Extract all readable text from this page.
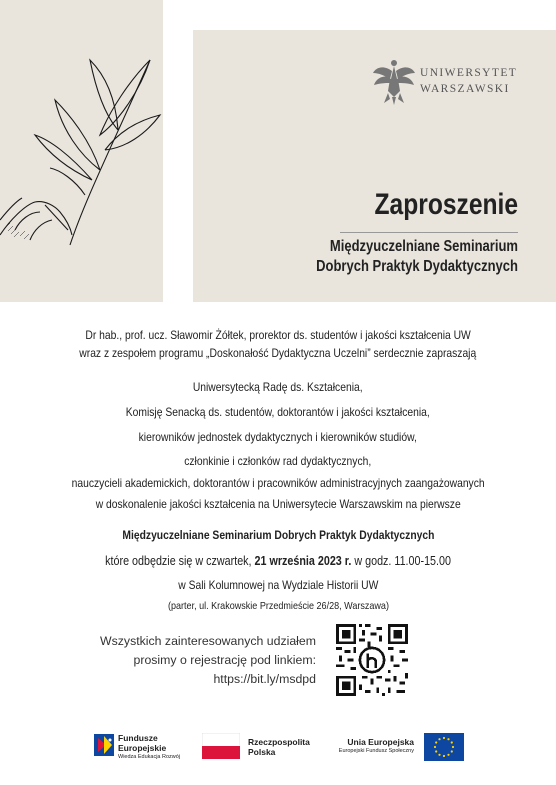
UNIWERSYTET
WARSZAWSKI
Zaproszenie
Międzyuczelniane Seminarium
Dobrych Praktyk Dydaktycznych
Dr hab., prof. ucz. Sławomir Żółtek, prorektor ds. studentów i jakości kształcenia UW
wraz z zespołem programu „Doskonałość Dydaktyczna Uczelni” serdecznie zapraszają
Uniwersytecką Radę ds. Kształcenia,
Komisję Senacką ds. studentów, doktorantów i jakości kształcenia,
kierowników jednostek dydaktycznych i kierowników studiów,
członkinie i członków rad dydaktycznych,
nauczycieli akademickich, doktorantów i pracowników administracyjnych zaangażowanych
w doskonalenie jakości kształcenia na Uniwersytecie Warszawskim na pierwsze
Międzyuczelniane Seminarium Dobrych Praktyk Dydaktycznych
które odbędzie się w czwartek, 21 września 2023 r. w godz. 11.00-15.00
w Sali Kolumnowej na Wydziale Historii UW
(parter, ul. Krakowskie Przedmieście 26/28, Warszawa)
Wszystkich zainteresowanych udziałem
prosimy o rejestrację pod linkiem:
https://bit.ly/msdpd
Fundusze
Europejskie
Wiedza Edukacja Rozwój
Rzeczpospolita
Polska
Unia Europejska
Europejski Fundusz Społeczny
